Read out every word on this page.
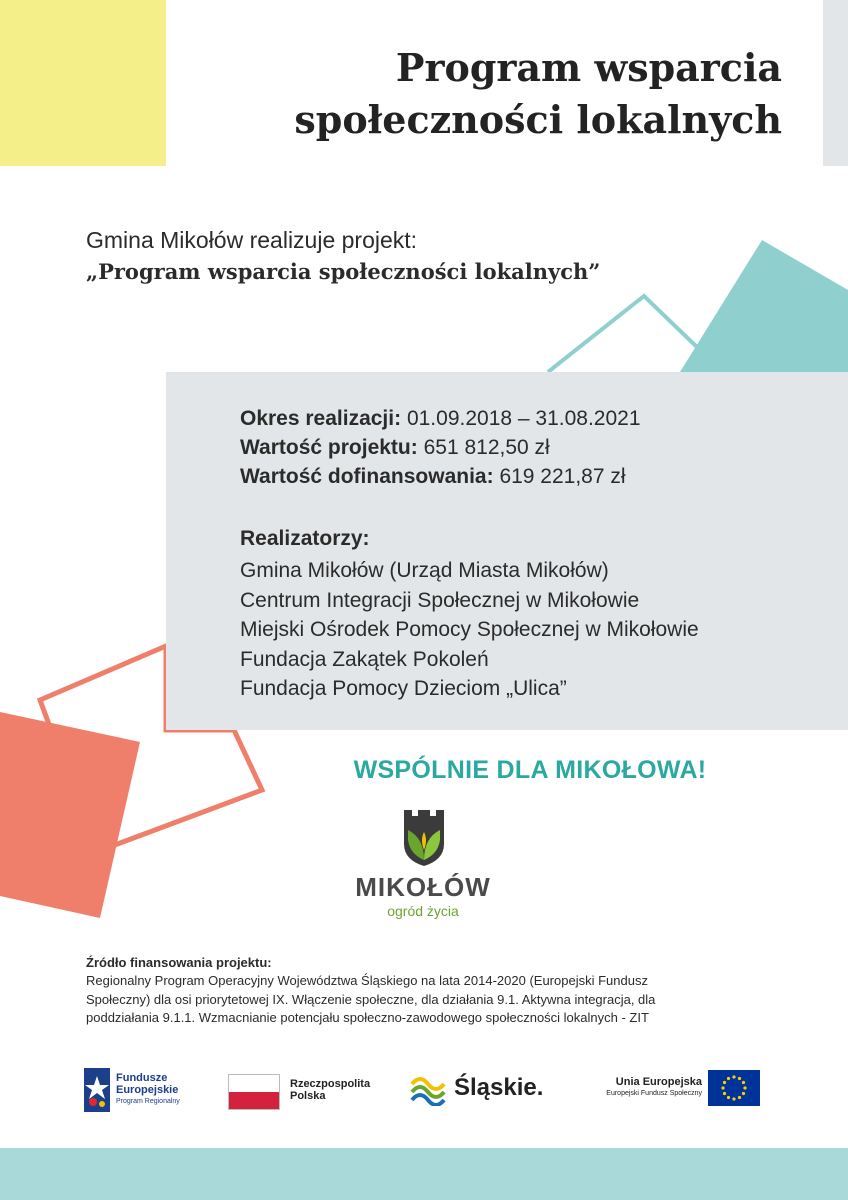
Program wsparcia
społeczności lokalnych
Gmina Mikołów realizuje projekt:
„Program wsparcia społeczności lokalnych”
Okres realizacji: 01.09.2018 – 31.08.2021
Wartość projektu: 651 812,50 zł
Wartość dofinansowania: 619 221,87 zł
Realizatorzy:
Gmina Mikołów (Urząd Miasta Mikołów)
Centrum Integracji Społecznej w Mikołowie
Miejski Ośrodek Pomocy Społecznej w Mikołowie
Fundacja Zakątek Pokoleń
Fundacja Pomocy Dzieciom „Ulica”
WSPÓLNIE DLA MIKOŁOWA!
MIKOŁÓW
ogród życia
Źródło finansowania projektu:
Regionalny Program Operacyjny Województwa Śląskiego na lata 2014-2020 (Europejski Fundusz
Społeczny) dla osi priorytetowej IX. Włączenie społeczne, dla działania 9.1. Aktywna integracja, dla
poddziałania 9.1.1. Wzmacnianie potencjału społeczno-zawodowego społeczności lokalnych - ZIT
Fundusze
Europejskie
Program Regionalny
Rzeczpospolita
Polska	Śląskie.	Unia Europejska
Europejski Fundusz Społeczny
